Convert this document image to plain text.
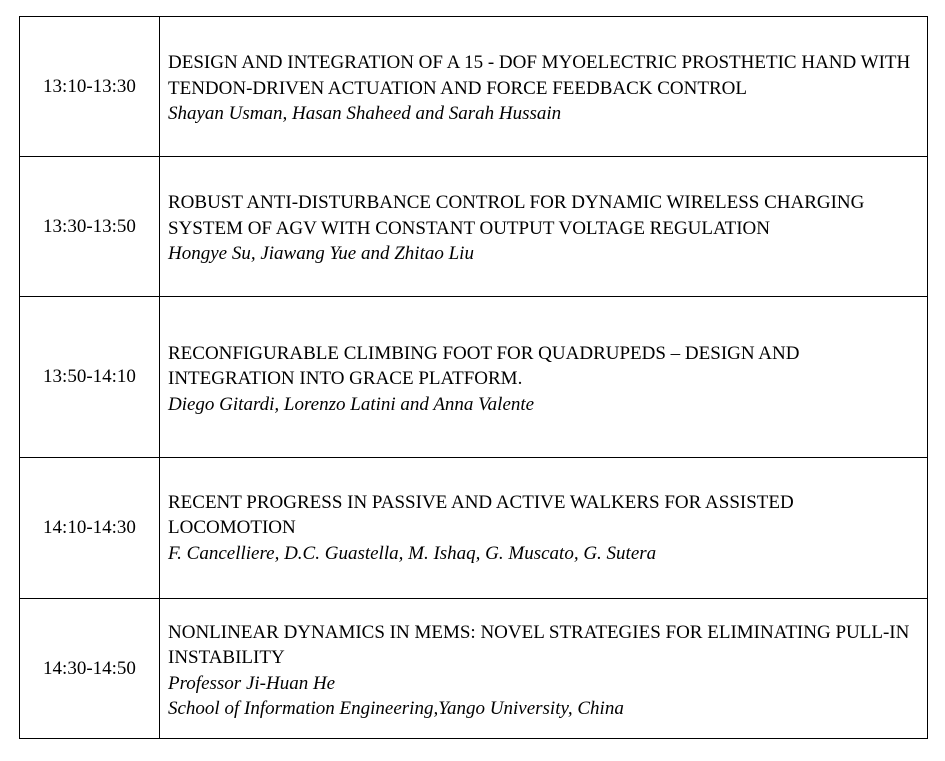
13:10-13:30	DESIGN AND INTEGRATION OF A 15 - DOF MYOELECTRIC PROSTHETIC HAND WITH TENDON-DRIVEN ACTUATION AND FORCE FEEDBACK CONTROL
Shayan Usman, Hasan Shaheed and Sarah Hussain

13:30-13:50	ROBUST ANTI-DISTURBANCE CONTROL FOR DYNAMIC WIRELESS CHARGING SYSTEM OF AGV WITH CONSTANT OUTPUT VOLTAGE REGULATION
Hongye Su, Jiawang Yue and Zhitao Liu

13:50-14:10	RECONFIGURABLE CLIMBING FOOT FOR QUADRUPEDS – DESIGN AND INTEGRATION INTO GRACE PLATFORM.
Diego Gitardi, Lorenzo Latini and Anna Valente

14:10-14:30	RECENT PROGRESS IN PASSIVE AND ACTIVE WALKERS FOR ASSISTED LOCOMOTION
F. Cancelliere, D.C. Guastella, M. Ishaq, G. Muscato, G. Sutera

14:30-14:50	NONLINEAR DYNAMICS IN MEMS: NOVEL STRATEGIES FOR ELIMINATING PULL-IN INSTABILITY
Professor Ji-Huan He
School of Information Engineering,Yango University, China
